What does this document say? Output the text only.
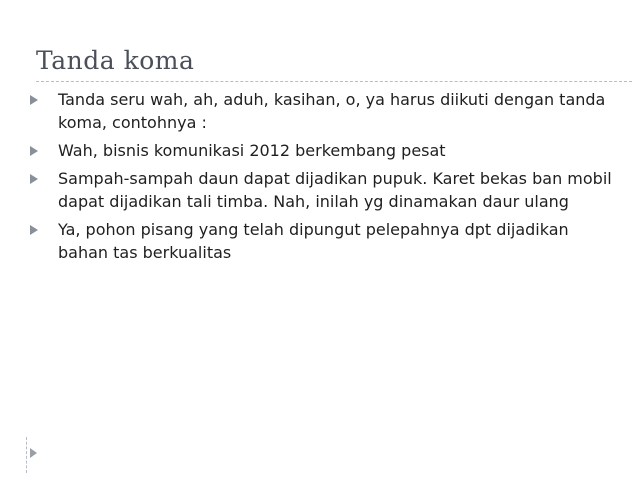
Tanda koma
Tanda seru wah, ah, aduh, kasihan, o, ya harus diikuti dengan tanda koma, contohnya :
Wah, bisnis komunikasi 2012 berkembang pesat
Sampah-sampah daun dapat dijadikan pupuk. Karet bekas ban mobil dapat dijadikan tali timba. Nah, inilah yg dinamakan daur ulang
Ya, pohon pisang yang telah dipungut pelepahnya dpt dijadikan bahan tas berkualitas
